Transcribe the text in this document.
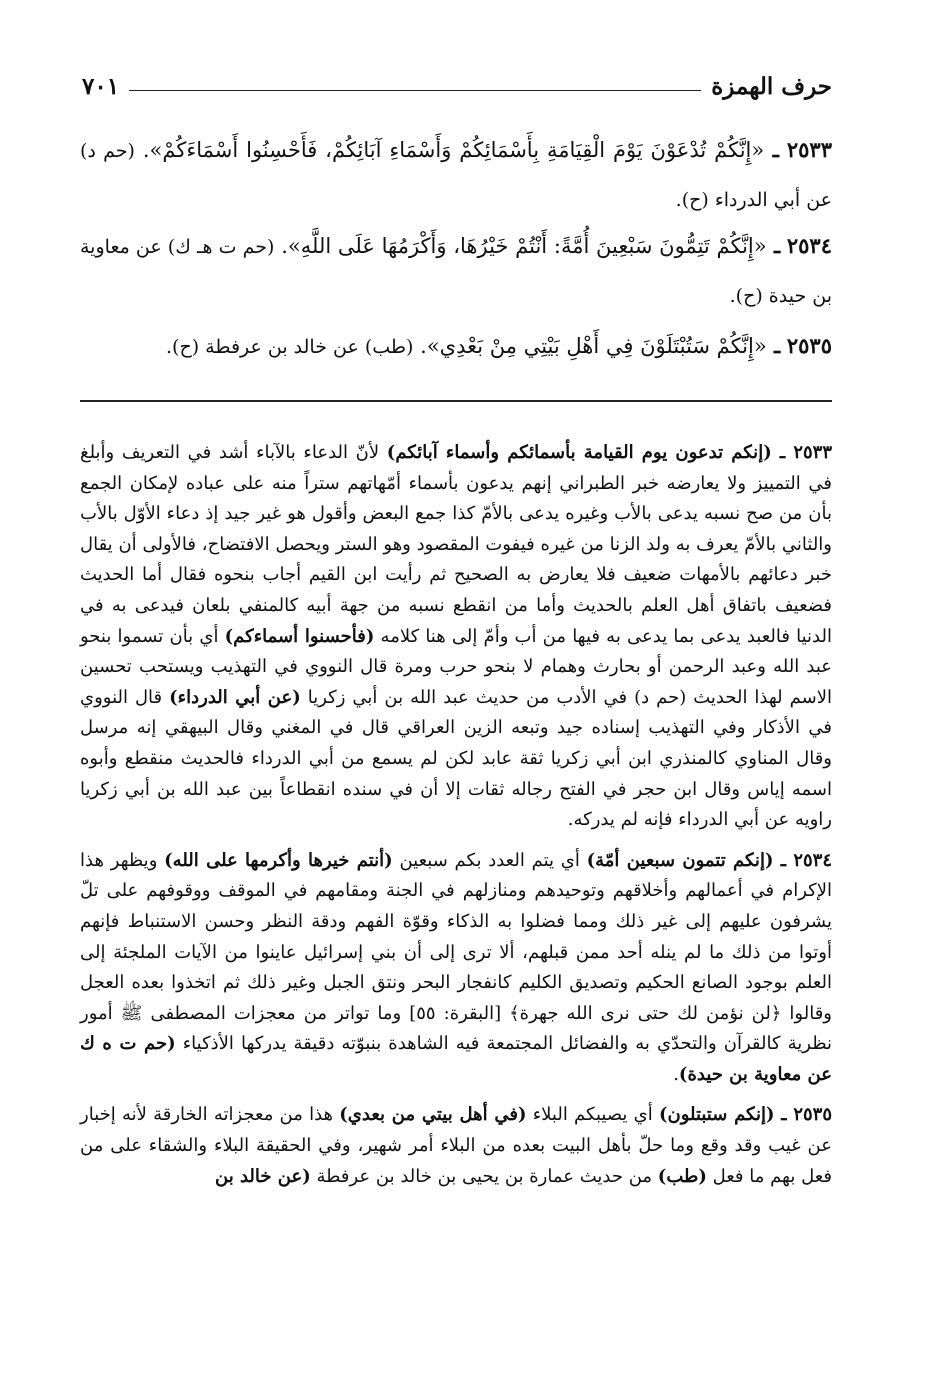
حرف الهمزة
٧٠١
٢٥٣٣ ـ «إِنَّكُمْ تُدْعَوْنَ يَوْمَ الْقِيَامَةِ بِأَسْمَائِكُمْ وَأَسْمَاءِ آبَائِكُمْ، فَأَحْسِنُوا أَسْمَاءَكُمْ». (حم د) عن أبي الدرداء (ح).
٢٥٣٤ ـ «إِنَّكُمْ تَتِمُّونَ سَبْعِينَ أُمَّةً: أَنْتُمْ خَيْرُهَا، وَأَكْرَمُهَا عَلَى اللَّهِ». (حم ت هـ ك) عن معاوية بن حيدة (ح).
٢٥٣٥ ـ «إِنَّكُمْ سَتُبْتَلَوْنَ فِي أَهْلِ بَيْتِي مِنْ بَعْدِي». (طب) عن خالد بن عرفطة (ح).

٢٥٣٣ ـ (إنكم تدعون يوم القيامة بأسمائكم وأسماء آبائكم) لأنّ الدعاء بالآباء أشد في التعريف وأبلغ في التمييز ولا يعارضه خبر الطبراني إنهم يدعون بأسماء أمّهاتهم ستراً منه على عباده لإمكان الجمع بأن من صح نسبه يدعى بالأب وغيره يدعى بالأمّ كذا جمع البعض وأقول هو غير جيد إذ دعاء الأوّل بالأب والثاني بالأمّ يعرف به ولد الزنا من غيره فيفوت المقصود وهو الستر ويحصل الافتضاح، فالأولى أن يقال خبر دعائهم بالأمهات ضعيف فلا يعارض به الصحيح ثم رأيت ابن القيم أجاب بنحوه فقال أما الحديث فضعيف باتفاق أهل العلم بالحديث وأما من انقطع نسبه من جهة أبيه كالمنفي بلعان فيدعى به في الدنيا فالعبد يدعى بما يدعى به فيها من أب وأمّ إلى هنا كلامه (فأحسنوا أسماءكم) أي بأن تسموا بنحو عبد الله وعبد الرحمن أو بحارث وهمام لا بنحو حرب ومرة قال النووي في التهذيب ويستحب تحسين الاسم لهذا الحديث (حم د) في الأدب من حديث عبد الله بن أبي زكريا (عن أبي الدرداء) قال النووي في الأذكار وفي التهذيب إسناده جيد وتبعه الزين العراقي قال في المغني وقال البيهقي إنه مرسل وقال المناوي كالمنذري ابن أبي زكريا ثقة عابد لكن لم يسمع من أبي الدرداء فالحديث منقطع وأبوه اسمه إياس وقال ابن حجر في الفتح رجاله ثقات إلا أن في سنده انقطاعاً بين عبد الله بن أبي زكريا راويه عن أبي الدرداء فإنه لم يدركه.

٢٥٣٤ ـ (إنكم تتمون سبعين أمّة) أي يتم العدد بكم سبعين (أنتم خيرها وأكرمها على الله) ويظهر هذا الإكرام في أعمالهم وأخلاقهم وتوحيدهم ومنازلهم في الجنة ومقامهم في الموقف ووقوفهم على تلّ يشرفون عليهم إلى غير ذلك ومما فضلوا به الذكاء وقوّة الفهم ودقة النظر وحسن الاستنباط فإنهم أوتوا من ذلك ما لم ينله أحد ممن قبلهم، ألا ترى إلى أن بني إسرائيل عاينوا من الآيات الملجئة إلى العلم بوجود الصانع الحكيم وتصديق الكليم كانفجار البحر ونتق الجبل وغير ذلك ثم اتخذوا بعده العجل وقالوا ﴿لن نؤمن لك حتى نرى الله جهرة﴾ [البقرة: ٥٥] وما تواتر من معجزات المصطفى ﷺ أمور نظرية كالقرآن والتحدّي به والفضائل المجتمعة فيه الشاهدة بنبوّته دقيقة يدركها الأذكياء (حم ت ه ك عن معاوية بن حيدة).

٢٥٣٥ ـ (إنكم ستبتلون) أي يصيبكم البلاء (في أهل بيتي من بعدي) هذا من معجزاته الخارقة لأنه إخبار عن غيب وقد وقع وما حلّ بأهل البيت بعده من البلاء أمر شهير، وفي الحقيقة البلاء والشقاء على من فعل بهم ما فعل (طب) من حديث عمارة بن يحيى بن خالد بن عرفطة (عن خالد بن
